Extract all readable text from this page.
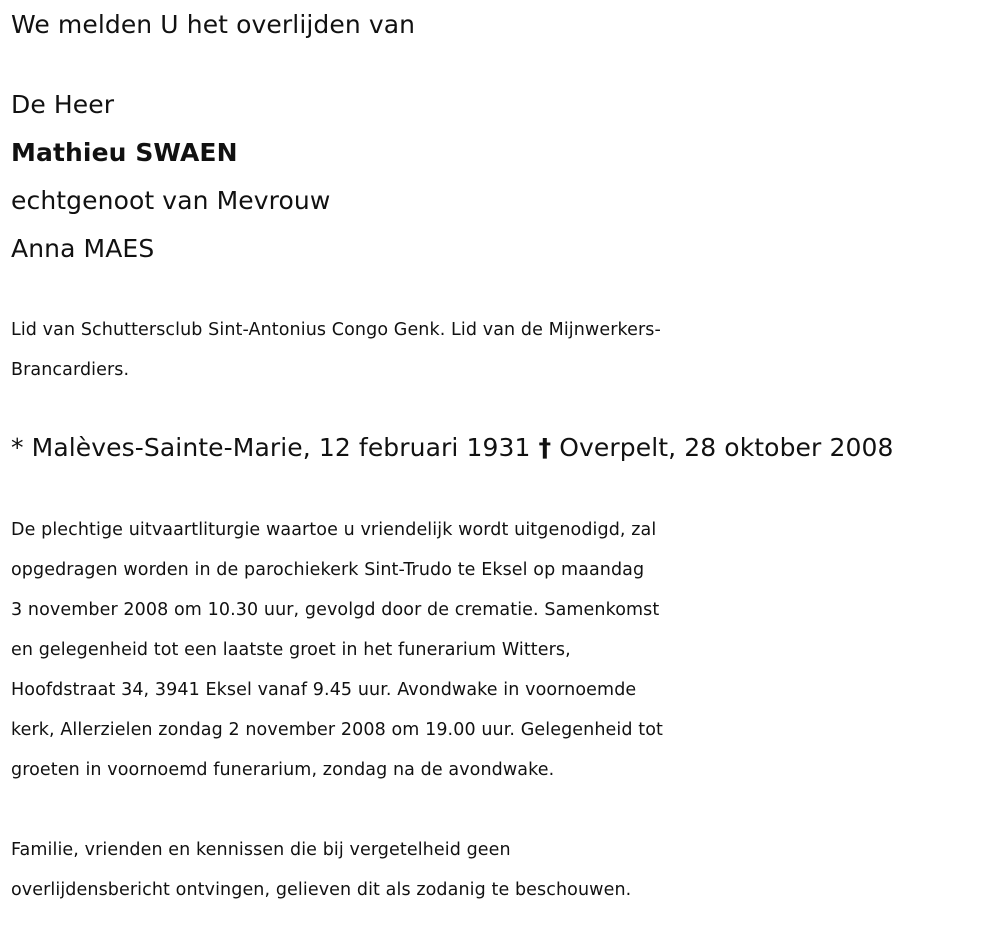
We melden U het overlijden van
De Heer
Mathieu SWAEN
echtgenoot van Mevrouw
Anna MAES
Lid van Schuttersclub Sint-Antonius Congo Genk. Lid van de Mijnwerkers-
Brancardiers.
* Malèves-Sainte-Marie, 12 februari 1931 † Overpelt, 28 oktober 2008
De plechtige uitvaartliturgie waartoe u vriendelijk wordt uitgenodigd, zal
opgedragen worden in de parochiekerk Sint-Trudo te Eksel op maandag
3 november 2008 om 10.30 uur, gevolgd door de crematie. Samenkomst
en gelegenheid tot een laatste groet in het funerarium Witters,
Hoofdstraat 34, 3941 Eksel vanaf 9.45 uur. Avondwake in voornoemde
kerk, Allerzielen zondag 2 november 2008 om 19.00 uur. Gelegenheid tot
groeten in voornoemd funerarium, zondag na de avondwake.
Familie, vrienden en kennissen die bij vergetelheid geen
overlijdensbericht ontvingen, gelieven dit als zodanig te beschouwen.
